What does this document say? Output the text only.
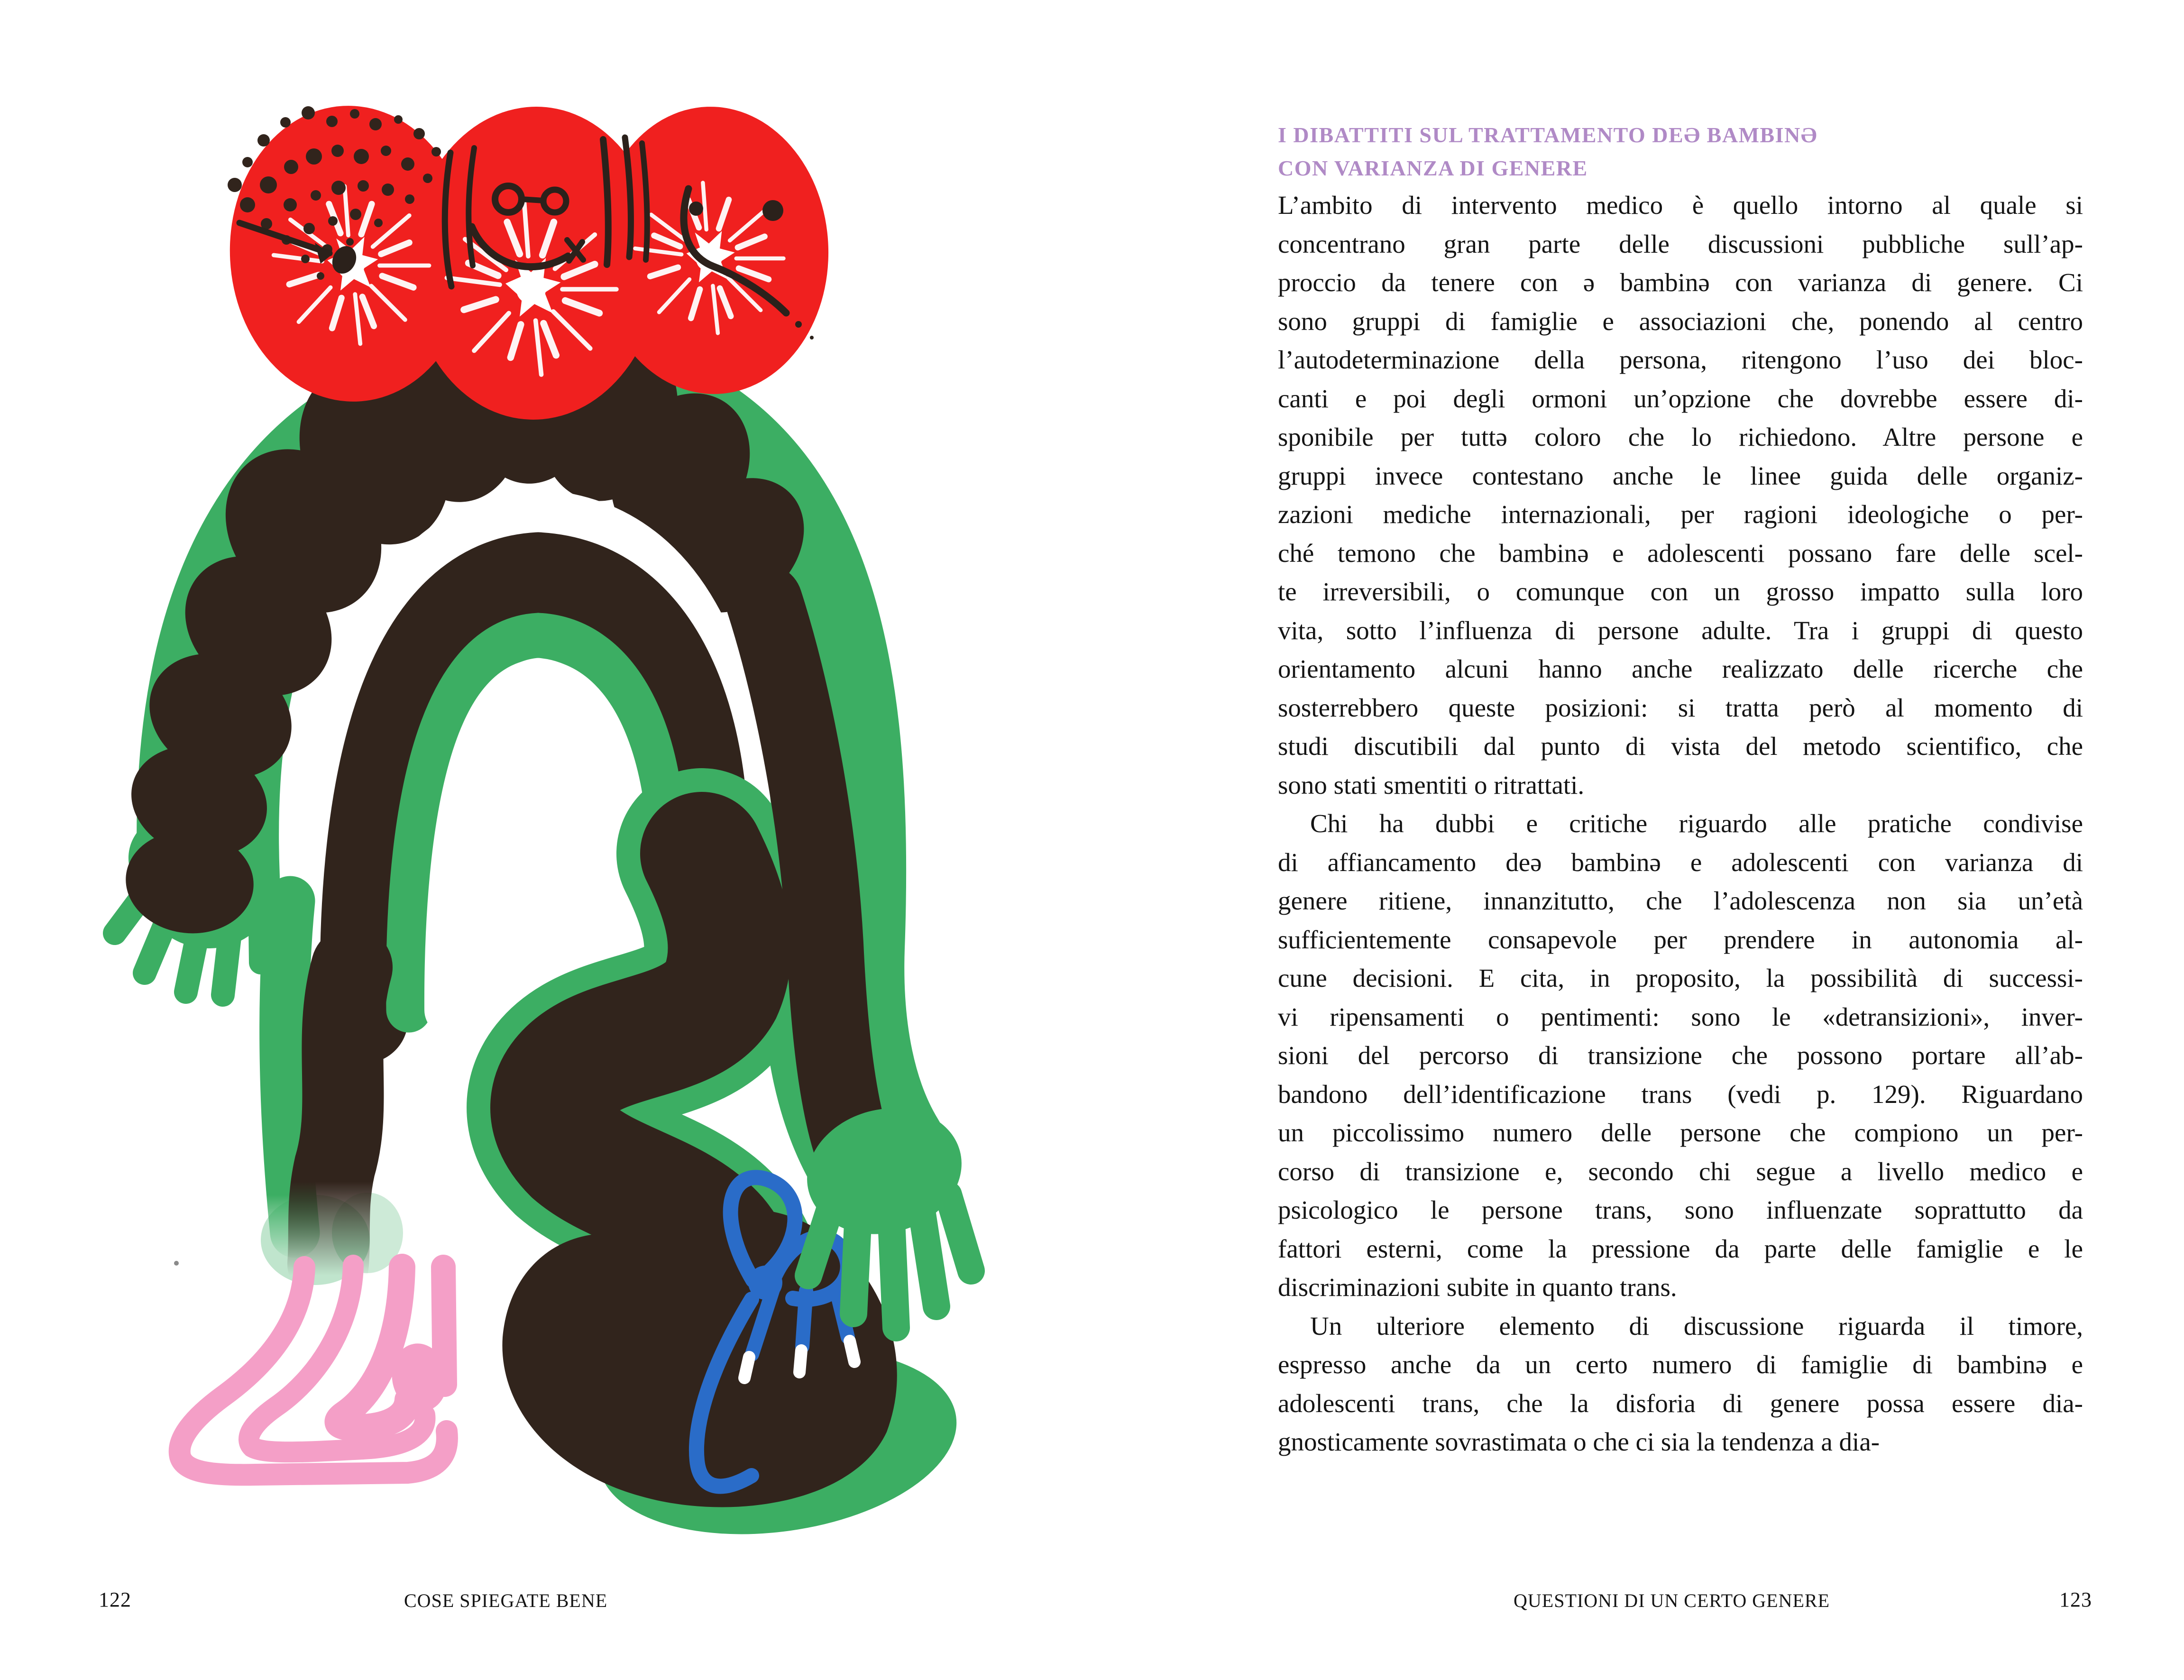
122	COSE SPIEGATE BENE
I DIBATTITI SUL TRATTAMENTO DEƏ BAMBINƏ
CON VARIANZA DI GENERE
L’ambito di intervento medico è quello intorno al quale si
concentrano gran parte delle discussioni pubbliche sull’ap-
proccio da tenere con ə bambinə con varianza di genere. Ci
sono gruppi di famiglie e associazioni che, ponendo al centro
l’autodeterminazione della persona, ritengono l’uso dei bloc-
canti e poi degli ormoni un’opzione che dovrebbe essere di-
sponibile per tuttə coloro che lo richiedono. Altre persone e
gruppi invece contestano anche le linee guida delle organiz-
zazioni mediche internazionali, per ragioni ideologiche o per-
ché temono che bambinə e adolescenti possano fare delle scel-
te irreversibili, o comunque con un grosso impatto sulla loro
vita, sotto l’influenza di persone adulte. Tra i gruppi di questo
orientamento alcuni hanno anche realizzato delle ricerche che
sosterrebbero queste posizioni: si tratta però al momento di
studi discutibili dal punto di vista del metodo scientifico, che
sono stati smentiti o ritrattati.
Chi ha dubbi e critiche riguardo alle pratiche condivise
di affiancamento deə bambinə e adolescenti con varianza di
genere ritiene, innanzitutto, che l’adolescenza non sia un’età
sufficientemente consapevole per prendere in autonomia al-
cune decisioni. E cita, in proposito, la possibilità di successi-
vi ripensamenti o pentimenti: sono le «detransizioni», inver-
sioni del percorso di transizione che possono portare all’ab-
bandono dell’identificazione trans (vedi p. 129). Riguardano
un piccolissimo numero delle persone che compiono un per-
corso di transizione e, secondo chi segue a livello medico e
psicologico le persone trans, sono influenzate soprattutto da
fattori esterni, come la pressione da parte delle famiglie e le
discriminazioni subite in quanto trans.
Un ulteriore elemento di discussione riguarda il timore,
espresso anche da un certo numero di famiglie di bambinə e
adolescenti trans, che la disforia di genere possa essere dia-
gnosticamente sovrastimata o che ci sia la tendenza a dia-
QUESTIONI DI UN CERTO GENERE	123
